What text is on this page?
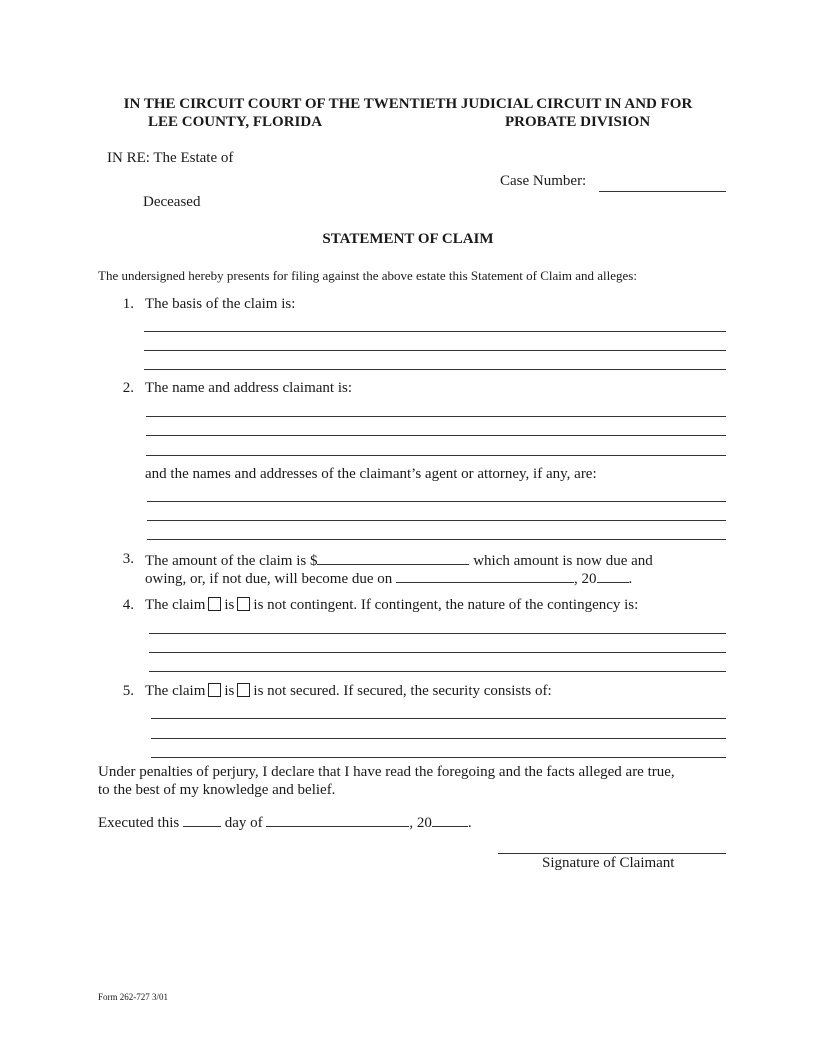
IN THE CIRCUIT COURT OF THE TWENTIETH JUDICIAL CIRCUIT IN AND FOR
LEE COUNTY, FLORIDA	PROBATE DIVISION
IN RE: The Estate of
Case Number:
Deceased
STATEMENT OF CLAIM
The undersigned hereby presents for filing against the above estate this Statement of Claim and alleges:
1. The basis of the claim is:
2. The name and address claimant is:
and the names and addresses of the claimant’s agent or attorney, if any, are:
3. The amount of the claim is $	which amount is now due and
owing, or, if not due, will become due on	, 20 .
4. The claim is is not contingent. If contingent, the nature of the contingency is:
5. The claim is is not secured. If secured, the security consists of:
Under penalties of perjury, I declare that I have read the foregoing and the facts alleged are true,
to the best of my knowledge and belief.
Executed this	day of	, 20 .
Signature of Claimant
Form 262-727 3/01
